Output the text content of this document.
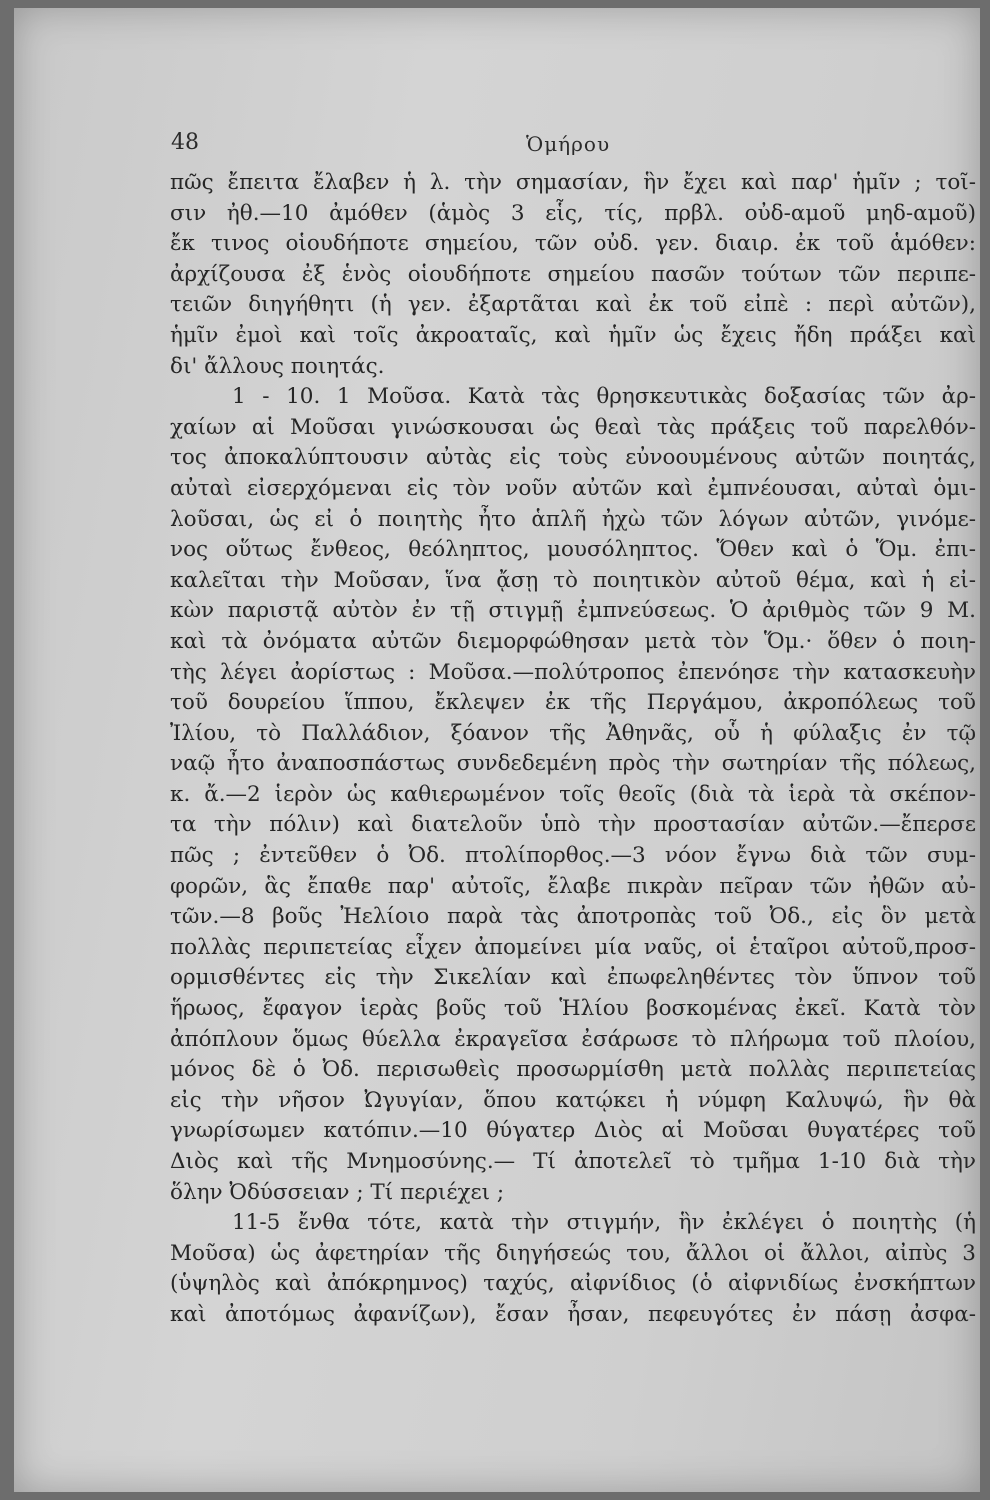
48	Ὁμήρου
πῶς ἔπειτα ἔλαβεν ἡ λ. τὴν σημασίαν, ἣν ἔχει καὶ παρ' ἡμῖν ; τοῖ-
σιν ἠθ.—10 ἀμόθεν (ἁμὸς 3 εἷς, τίς, πρβλ. οὐδ-αμοῦ μηδ-αμοῦ)
ἔκ τινος οἱουδήποτε σημείου, τῶν οὐδ. γεν. διαιρ. ἐκ τοῦ ἁμόθεν:
ἀρχίζουσα ἐξ ἑνὸς οἱουδήποτε σημείου πασῶν τούτων τῶν περιπε-
τειῶν διηγήθητι (ἡ γεν. ἐξαρτᾶται καὶ ἐκ τοῦ εἰπὲ : περὶ αὐτῶν),
ἡμῖν ἐμοὶ καὶ τοῖς ἀκροαταῖς, καὶ ἡμῖν ὡς ἔχεις ἤδη πράξει καὶ
δι' ἄλλους ποιητάς.
1 - 10. 1 Μοῦσα. Κατὰ τὰς θρησκευτικὰς δοξασίας τῶν ἀρ-
χαίων αἱ Μοῦσαι γινώσκουσαι ὡς θεαὶ τὰς πράξεις τοῦ παρελθόν-
τος ἀποκαλύπτουσιν αὐτὰς εἰς τοὺς εὐνοουμένους αὐτῶν ποιητάς,
αὐταὶ εἰσερχόμεναι εἰς τὸν νοῦν αὐτῶν καὶ ἐμπνέουσαι, αὐταὶ ὁμι-
λοῦσαι, ὡς εἰ ὁ ποιητὴς ἦτο ἁπλῆ ἠχὼ τῶν λόγων αὐτῶν, γινόμε-
νος οὕτως ἔνθεος, θεόληπτος, μουσόληπτος. Ὅθεν καὶ ὁ Ὅμ. ἐπι-
καλεῖται τὴν Μοῦσαν, ἵνα ᾄσῃ τὸ ποιητικὸν αὐτοῦ θέμα, καὶ ἡ εἰ-
κὼν παριστᾷ αὐτὸν ἐν τῇ στιγμῇ ἐμπνεύσεως. Ὁ ἀριθμὸς τῶν 9 Μ.
καὶ τὰ ὀνόματα αὐτῶν διεμορφώθησαν μετὰ τὸν Ὅμ.· ὅθεν ὁ ποιη-
τὴς λέγει ἀορίστως : Μοῦσα.—πολύτροπος ἐπενόησε τὴν κατασκευὴν
τοῦ δουρείου ἵππου, ἔκλεψεν ἐκ τῆς Περγάμου, ἀκροπόλεως τοῦ
Ἰλίου, τὸ Παλλάδιον, ξόανον τῆς Ἀθηνᾶς, οὗ ἡ φύλαξις ἐν τῷ
ναῷ ἦτο ἀναποσπάστως συνδεδεμένη πρὸς τὴν σωτηρίαν τῆς πόλεως,
κ. ἄ.—2 ἱερὸν ὡς καθιερωμένον τοῖς θεοῖς (διὰ τὰ ἱερὰ τὰ σκέπον-
τα τὴν πόλιν) καὶ διατελοῦν ὑπὸ τὴν προστασίαν αὐτῶν.—ἔπερσε
πῶς ; ἐντεῦθεν ὁ Ὀδ. πτολίπορθος.—3 νόον ἔγνω διὰ τῶν συμ-
φορῶν, ἃς ἔπαθε παρ' αὐτοῖς, ἔλαβε πικρὰν πεῖραν τῶν ἠθῶν αὐ-
τῶν.—8 βοῦς Ἠελίοιο παρὰ τὰς ἀποτροπὰς τοῦ Ὀδ., εἰς ὃν μετὰ
πολλὰς περιπετείας εἶχεν ἀπομείνει μία ναῦς, οἱ ἑταῖροι αὐτοῦ,προσ-
ορμισθέντες εἰς τὴν Σικελίαν καὶ ἐπωφεληθέντες τὸν ὕπνον τοῦ
ἥρωος, ἔφαγον ἱερὰς βοῦς τοῦ Ἡλίου βοσκομένας ἐκεῖ. Κατὰ τὸν
ἀπόπλουν ὅμως θύελλα ἐκραγεῖσα ἐσάρωσε τὸ πλήρωμα τοῦ πλοίου,
μόνος δὲ ὁ Ὀδ. περισωθεὶς προσωρμίσθη μετὰ πολλὰς περιπετείας
εἰς τὴν νῆσον Ὠγυγίαν, ὅπου κατῴκει ἡ νύμφη Καλυψώ, ἣν θὰ
γνωρίσωμεν κατόπιν.—10 θύγατερ Διὸς αἱ Μοῦσαι θυγατέρες τοῦ
Διὸς καὶ τῆς Μνημοσύνης.— Τί ἀποτελεῖ τὸ τμῆμα 1-10 διὰ τὴν
ὅλην Ὀδύσσειαν ; Τί περιέχει ;
11-5 ἔνθα τότε, κατὰ τὴν στιγμήν, ἣν ἐκλέγει ὁ ποιητὴς (ἡ
Μοῦσα) ὡς ἀφετηρίαν τῆς διηγήσεώς του, ἄλλοι οἱ ἄλλοι, αἰπὺς 3
(ὑψηλὸς καὶ ἀπόκρημνος) ταχύς, αἰφνίδιος (ὁ αἰφνιδίως ἐνσκήπτων
καὶ ἀποτόμως ἀφανίζων), ἔσαν ἦσαν, πεφευγότες ἐν πάσῃ ἀσφα-
